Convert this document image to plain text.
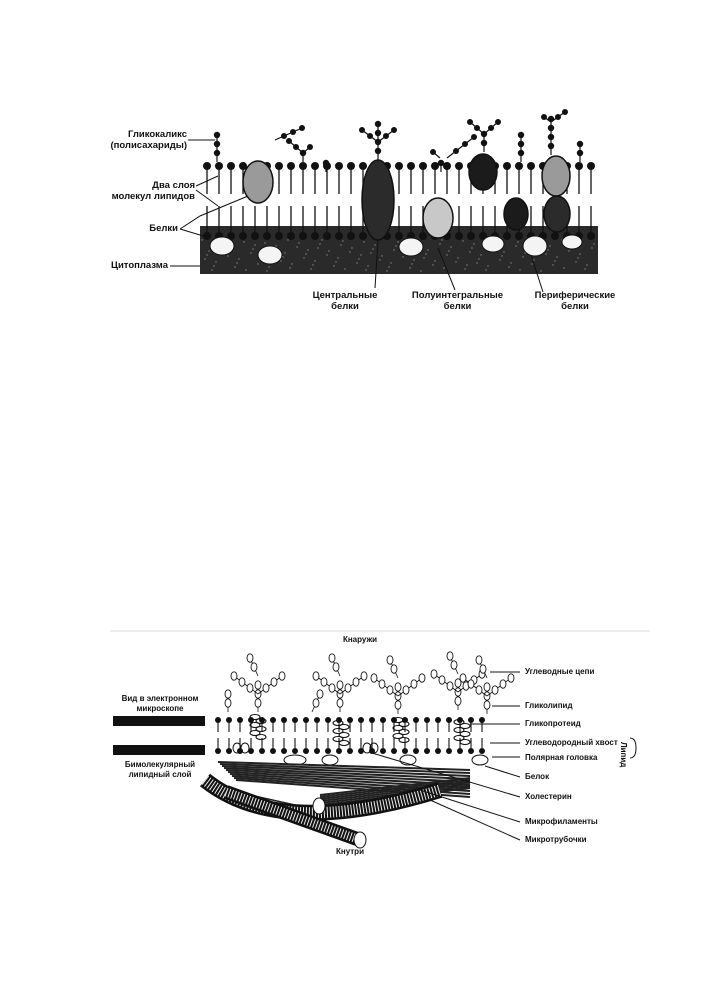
Гликокаликс
(полисахариды)
Два слоя
молекул липидов
Белки
Цитоплазма
Центральные
белки
Полуинтегральные
белки
Периферические
белки
Кнаружи
Кнутри
Вид в электронном
микроскопе
Бимолекулярный
липидный слой
Углеводные цепи
Гликолипид
Гликопротеид
Углеводородный хвост
Полярная головка
Белок
Холестерин
Микрофиламенты
Микротрубочки
Липид
